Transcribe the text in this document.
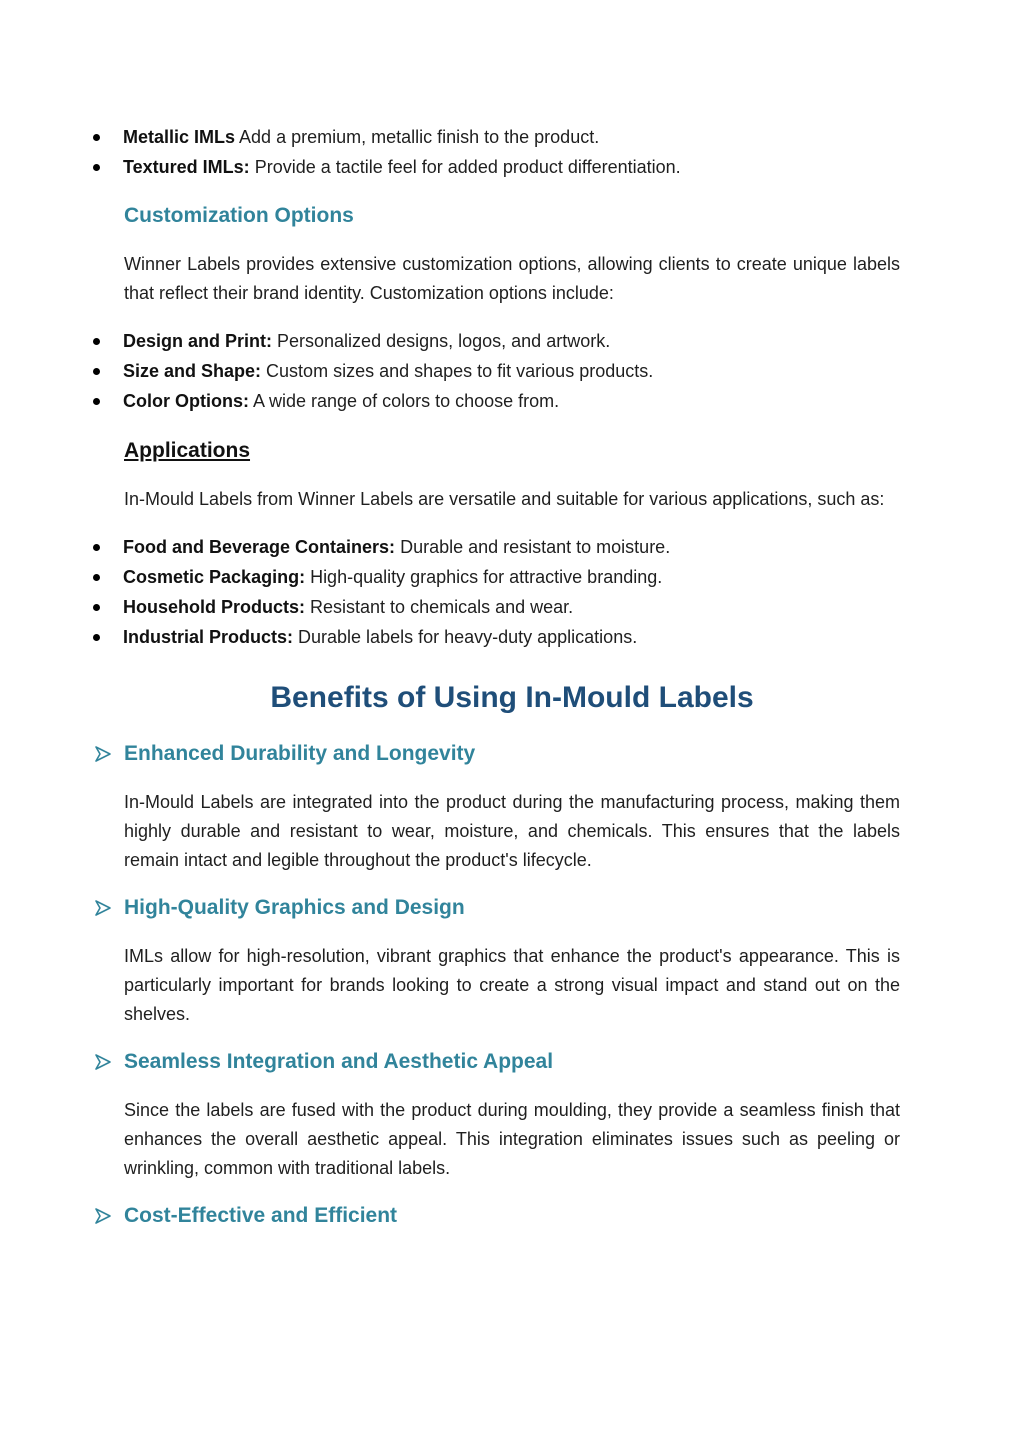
Metallic IMLs Add a premium, metallic finish to the product.
Textured IMLs: Provide a tactile feel for added product differentiation.
Customization Options

Winner Labels provides extensive customization options, allowing clients to create unique labels that reflect their brand identity. Customization options include:

Design and Print: Personalized designs, logos, and artwork.
Size and Shape: Custom sizes and shapes to fit various products.
Color Options: A wide range of colors to choose from.
Applications

In-Mould Labels from Winner Labels are versatile and suitable for various applications, such as:

Food and Beverage Containers: Durable and resistant to moisture.
Cosmetic Packaging: High-quality graphics for attractive branding.
Household Products: Resistant to chemicals and wear.
Industrial Products: Durable labels for heavy-duty applications.
Benefits of Using In-Mould Labels
Enhanced Durability and Longevity

In-Mould Labels are integrated into the product during the manufacturing process, making them highly durable and resistant to wear, moisture, and chemicals. This ensures that the labels remain intact and legible throughout the product's lifecycle.

High-Quality Graphics and Design

IMLs allow for high-resolution, vibrant graphics that enhance the product's appearance. This is particularly important for brands looking to create a strong visual impact and stand out on the shelves.

Seamless Integration and Aesthetic Appeal

Since the labels are fused with the product during moulding, they provide a seamless finish that enhances the overall aesthetic appeal. This integration eliminates issues such as peeling or wrinkling, common with traditional labels.

Cost-Effective and Efficient
